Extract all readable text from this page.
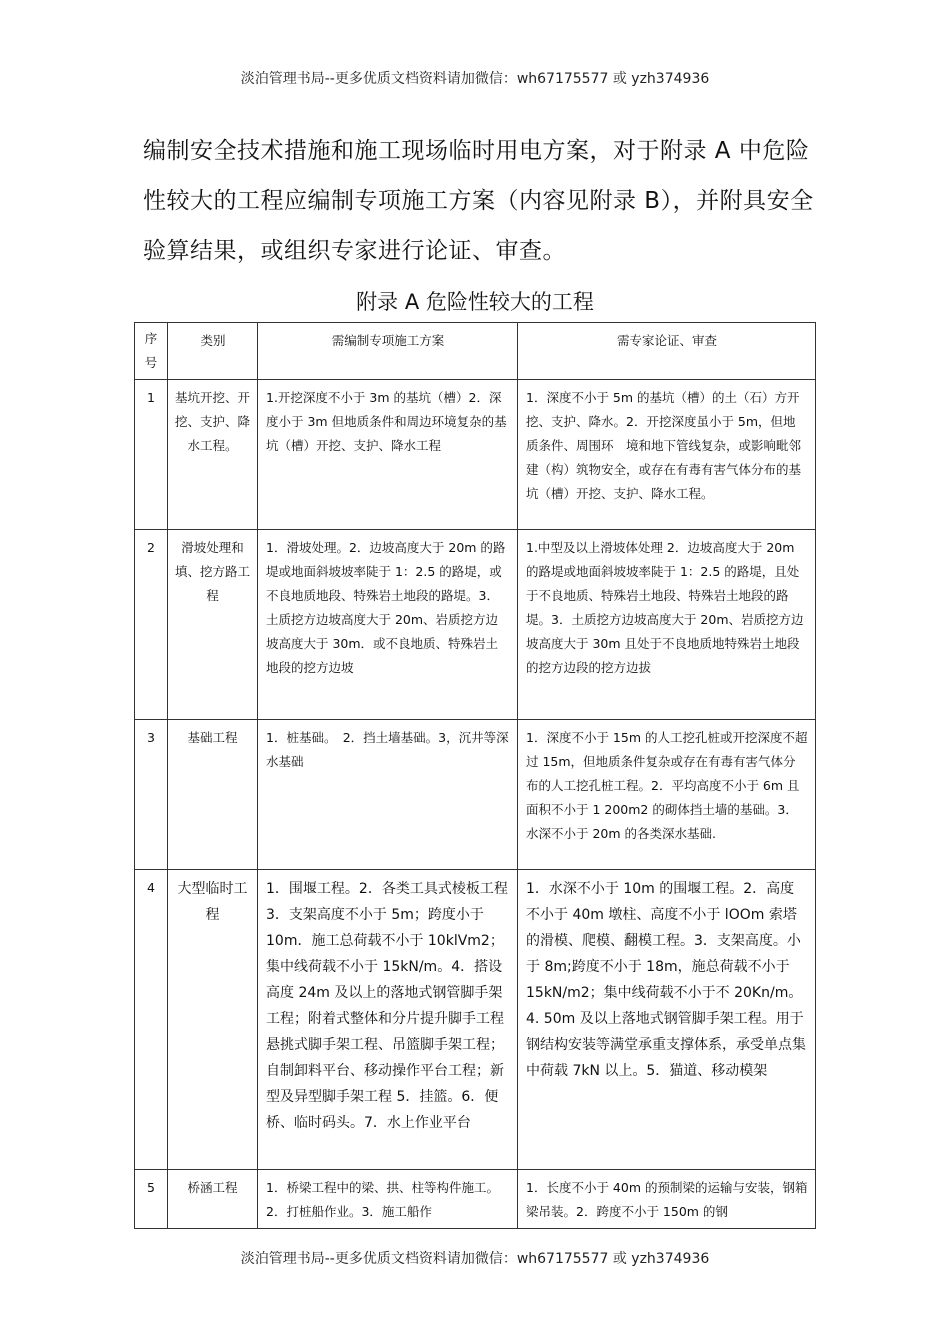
淡泊管理书局--更多优质文档资料请加微信：wh67175577 或 yzh374936
编制安全技术措施和施工现场临时用电方案，对于附录 A 中危险性较大的工程应编制专项施工方案（内容见附录 B），并附具安全验算结果，或组织专家进行论证、审查。
附录 A 危险性较大的工程
序号	类别	需编制专项施工方案	需专家论证、审查
1	基坑开挖、开挖、支护、降水工程。	1.开挖深度不小于 3m 的基坑（槽）2．深度小于 3m 但地质条件和周边环境复杂的基坑（槽）开挖、支护、降水工程	1．深度不小于 5m 的基坑（槽）的土（石）方开挖、支护、降水。2．开挖深度虽小于 5m，但地质条件、周围环　境和地下管线复杂，或影响毗邻建（构）筑物安全，或存在有毒有害气体分布的基坑（槽）开挖、支护、降水工程。
2	滑坡处理和填、挖方路工程	1．滑坡处理。2．边坡高度大于 20m 的路堤或地面斜坡坡率陡于 1：2.5 的路堤，或不良地质地段、特殊岩土地段的路堤。3．土质挖方边坡高度大于 20m、岩质挖方边坡高度大于 30m．或不良地质、特殊岩土地段的挖方边坡	1.中型及以上滑坡体处理 2．边坡高度大于 20m 的路堤或地面斜坡坡率陡于 1：2.5 的路堤，且处于不良地质、特殊岩土地段、特殊岩土地段的路堤。3．土质挖方边坡高度大于 20m、岩质挖方边　　坡高度大于 30m 且处于不良地质地特殊岩土地段的挖方边段的挖方边拔
3	基础工程	1．桩基础。　2．挡土墙基础。3，沉井等深水基础	1．深度不小于 15m 的人工挖孔桩或开挖深度不超过 15m，但地质条件复杂或存在有毒有害气体分布的人工挖孔桩工程。2．平均高度不小于 6m 且面积不小于 1 200m2 的砌体挡土墙的基础。3．水深不小于 20m 的各类深水基础.
4	大型临时工程	1．围堰工程。2．各类工具式棱板工程 3．支架高度不小于 5m；跨度小于 10m．施工总荷载不小于 10klVm2；集中线荷载不小于 15kN/m。4．搭设高度 24m 及以上的落地式钢管脚手架工程；附着式整体和分片提升脚手工程悬挑式脚手架工程、吊篮脚手架工程；自制卸料平台、移动操作平台工程；新型及异型脚手架工程 5．挂篮。6．便桥、临时码头。7．水上作业平台	1．水深不小于 10m 的围堰工程。2．高度不小于 40m 墩柱、高度不小于 lOOm 索塔的滑模、爬模、翻模工程。3．支架高度。小于 8m;跨度不小于 18m，施总荷载不小于 15kN/m2；集中线荷载不小于不 20Kn/m。4. 50m 及以上落地式钢管脚手架工程。用于　钢结构安装等满堂承重支撑体系，承受单点集中荷载 7kN 以上。5．猫道、移动模架
5	桥涵工程	1．桥梁工程中的梁、拱、柱等构件施工。2．打桩船作业。3．施工船作	1．长度不小于 40m 的预制梁的运输与安装，钢箱梁吊装。2．跨度不小于 150m 的钢
淡泊管理书局--更多优质文档资料请加微信：wh67175577 或 yzh374936
